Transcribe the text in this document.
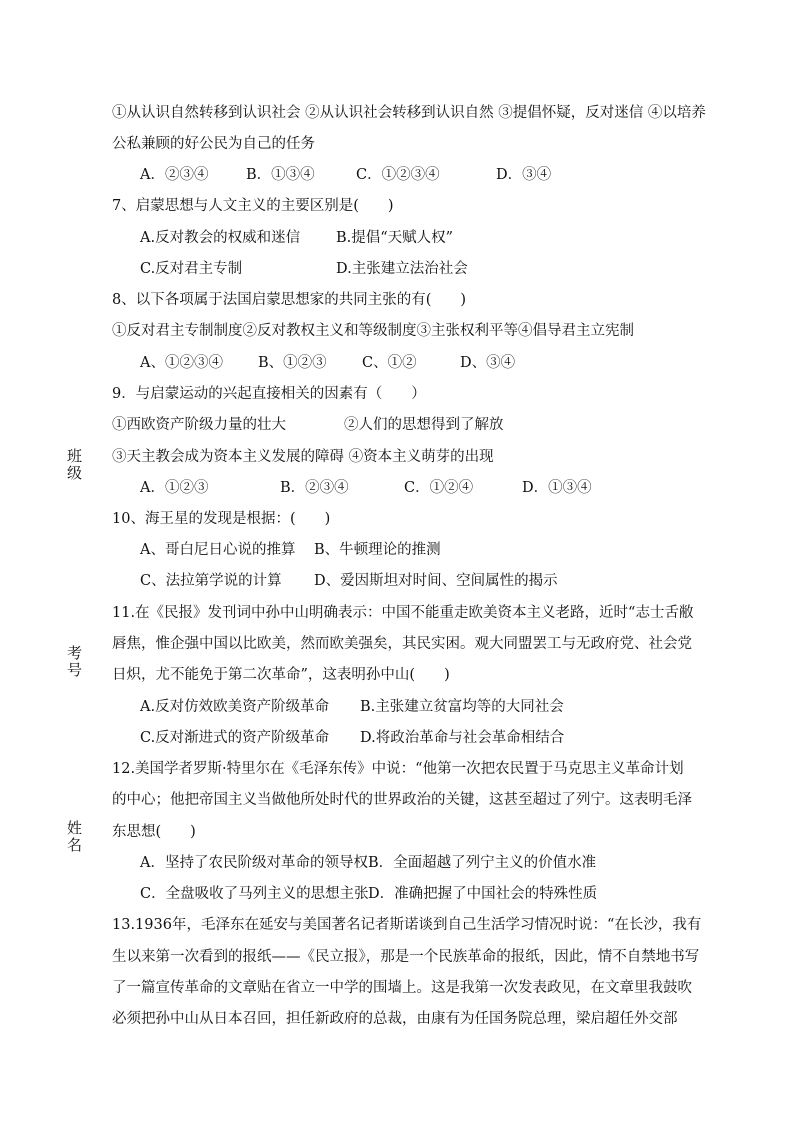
班级
考号
姓名
①从认识自然转移到认识社会 ②从认识社会转移到认识自然 ③提倡怀疑，反对迷信 ④以培养
公私兼顾的好公民为自己的任务
A．②③④	B．①③④	C．①②③④	D．③④
7、启蒙思想与人文主义的主要区别是(　　)
A.反对教会的权威和迷信 B.提倡“天赋人权”
C.反对君主专制	D.主张建立法治社会
8、以下各项属于法国启蒙思想家的共同主张的有(　　)
①反对君主专制制度②反对教权主义和等级制度③主张权利平等④倡导君主立宪制
A、①②③④ B、①②③ C、①②	D、③④
9．与启蒙运动的兴起直接相关的因素有（　　）
①西欧资产阶级力量的壮大	②人们的思想得到了解放
③天主教会成为资本主义发展的障碍 ④资本主义萌芽的出现
A．①②③	B．②③④	C．①②④	D．①③④
10、海王星的发现是根据：(　　)
A、哥白尼日心说的推算 B、牛顿理论的推测
C、法拉第学说的计算 D、爱因斯坦对时间、空间属性的揭示
11.在《民报》发刊词中孙中山明确表示：中国不能重走欧美资本主义老路，近时“志士舌敝
唇焦，惟企强中国以比欧美，然而欧美强矣，其民实困。观大同盟罢工与无政府党、社会党
日炽，尤不能免于第二次革命”，这表明孙中山(　　)
A.反对仿效欧美资产阶级革命 B.主张建立贫富均等的大同社会
C.反对渐进式的资产阶级革命 D.将政治革命与社会革命相结合
12.美国学者罗斯·特里尔在《毛泽东传》中说：“他第一次把农民置于马克思主义革命计划
的中心；他把帝国主义当做他所处时代的世界政治的关键，这甚至超过了列宁。这表明毛泽
东思想(　　)
A．坚持了农民阶级对革命的领导权 B．全面超越了列宁主义的价值水准
C．全盘吸收了马列主义的思想主张 D．准确把握了中国社会的特殊性质
13.1936年，毛泽东在延安与美国著名记者斯诺谈到自己生活学习情况时说：“在长沙，我有
生以来第一次看到的报纸——《民立报》，那是一个民族革命的报纸，因此，情不自禁地书写
了一篇宣传革命的文章贴在省立一中学的围墙上。这是我第一次发表政见，在文章里我鼓吹
必须把孙中山从日本召回，担任新政府的总裁，由康有为任国务院总理，梁启超任外交部
